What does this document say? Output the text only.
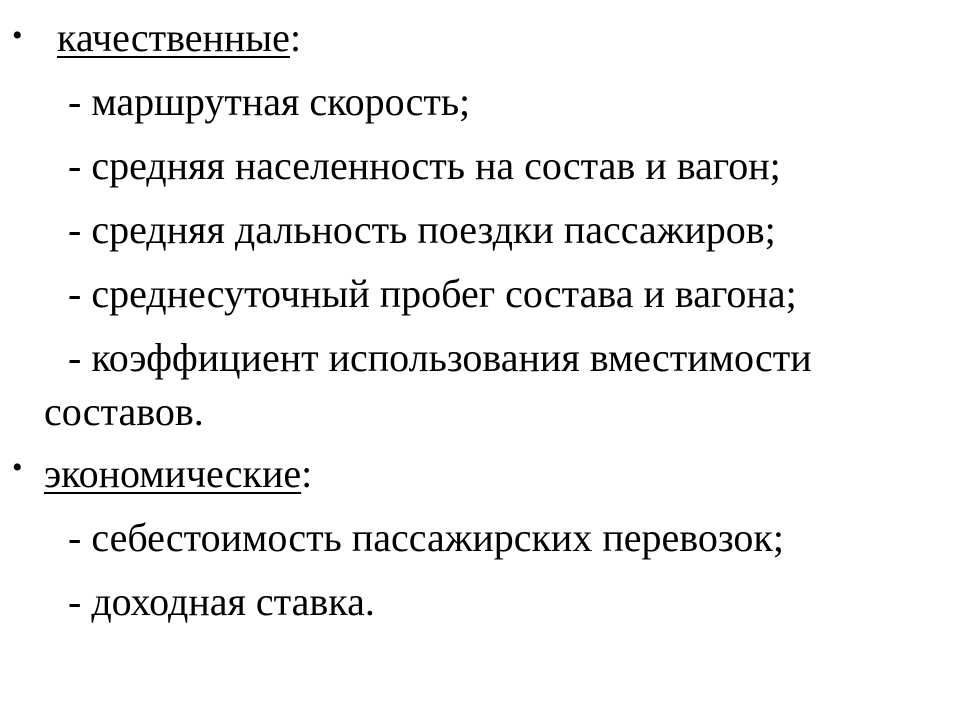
• качественные:
- маршрутная скорость;
- средняя населенность на состав и вагон;
- средняя дальность поездки пассажиров;
- среднесуточный пробег состава и вагона;
- коэффициент использования вместимости
составов.
• экономические:
- себестоимость пассажирских перевозок;
- доходная ставка.
